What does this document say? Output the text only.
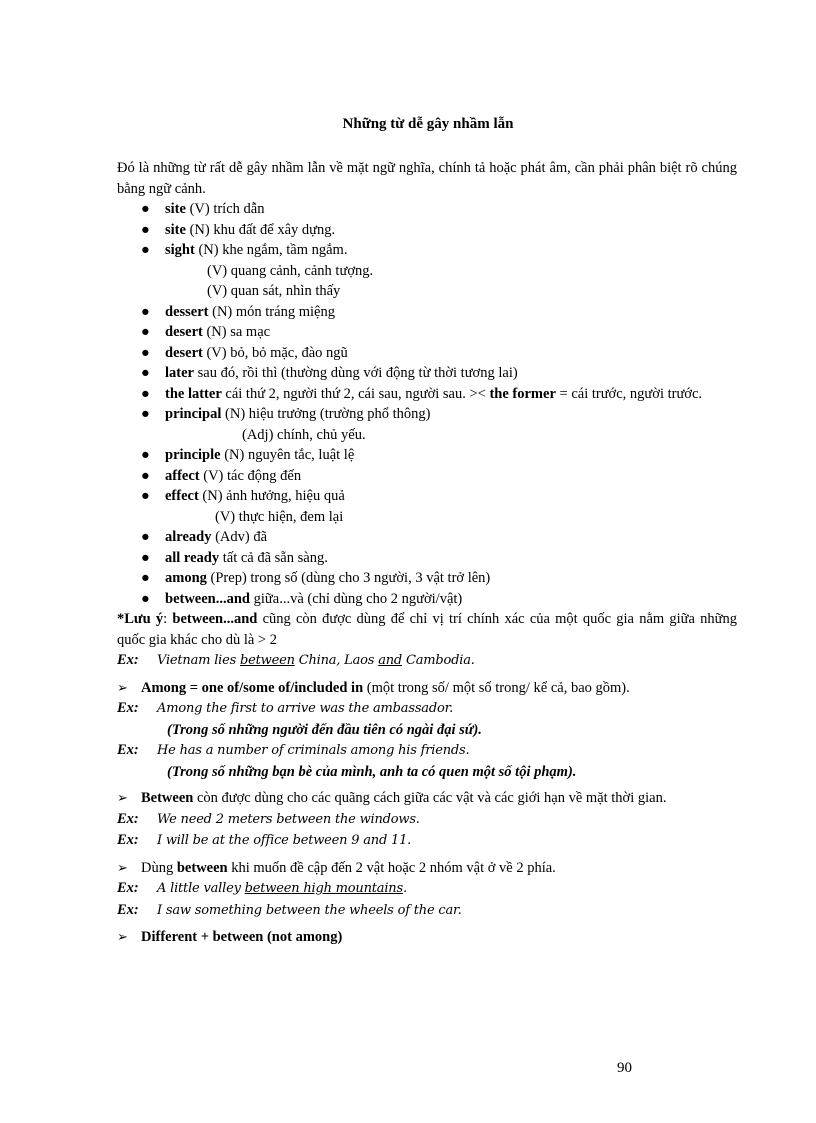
Những từ dễ gây nhầm lẫn

Đó là những từ rất dễ gây nhầm lẫn về mặt ngữ nghĩa, chính tả hoặc phát âm, cần phải phân biệt rõ chúng bằng ngữ cảnh.

● site (V) trích dẫn
● site (N) khu đất để xây dựng.
● sight (N) khe ngắm, tầm ngắm.
(V) quang cảnh, cảnh tượng.
(V) quan sát, nhìn thấy
● dessert (N) món tráng miệng
● desert (N) sa mạc
● desert (V) bỏ, bỏ mặc, đào ngũ
● later sau đó, rồi thì (thường dùng với động từ thời tương lai)
● the latter cái thứ 2, người thứ 2, cái sau, người sau. >< the former = cái trước, người trước.
● principal (N) hiệu trưởng (trường phổ thông)
(Adj) chính, chủ yếu.
● principle (N) nguyên tắc, luật lệ
● affect (V) tác động đến
● effect (N) ảnh hưởng, hiệu quả
(V) thực hiện, đem lại
● already (Adv) đã
● all ready tất cả đã sẵn sàng.
● among (Prep) trong số (dùng cho 3 người, 3 vật trở lên)
● between...and giữa...và (chỉ dùng cho 2 người/vật)

*Lưu ý: between...and cũng còn được dùng để chỉ vị trí chính xác của một quốc gia nằm giữa những quốc gia khác cho dù là > 2

Ex: Vietnam lies between China, Laos and Cambodia.
➢ Among = one of/some of/included in (một trong số/ một số trong/ kể cả, bao gồm).
Ex: Among the first to arrive was the ambassador.
(Trong số những người đến đầu tiên có ngài đại sứ).
Ex: He has a number of criminals among his friends.
(Trong số những bạn bè của mình, anh ta có quen một số tội phạm).
➢ Between còn được dùng cho các quãng cách giữa các vật và các giới hạn về mặt thời gian.
Ex: We need 2 meters between the windows.
Ex: I will be at the office between 9 and 11.
➢ Dùng between khi muốn đề cập đến 2 vật hoặc 2 nhóm vật ở về 2 phía.
Ex: A little valley between high mountains.
Ex: I saw something between the wheels of the car.
➢ Different + between (not among)
90
